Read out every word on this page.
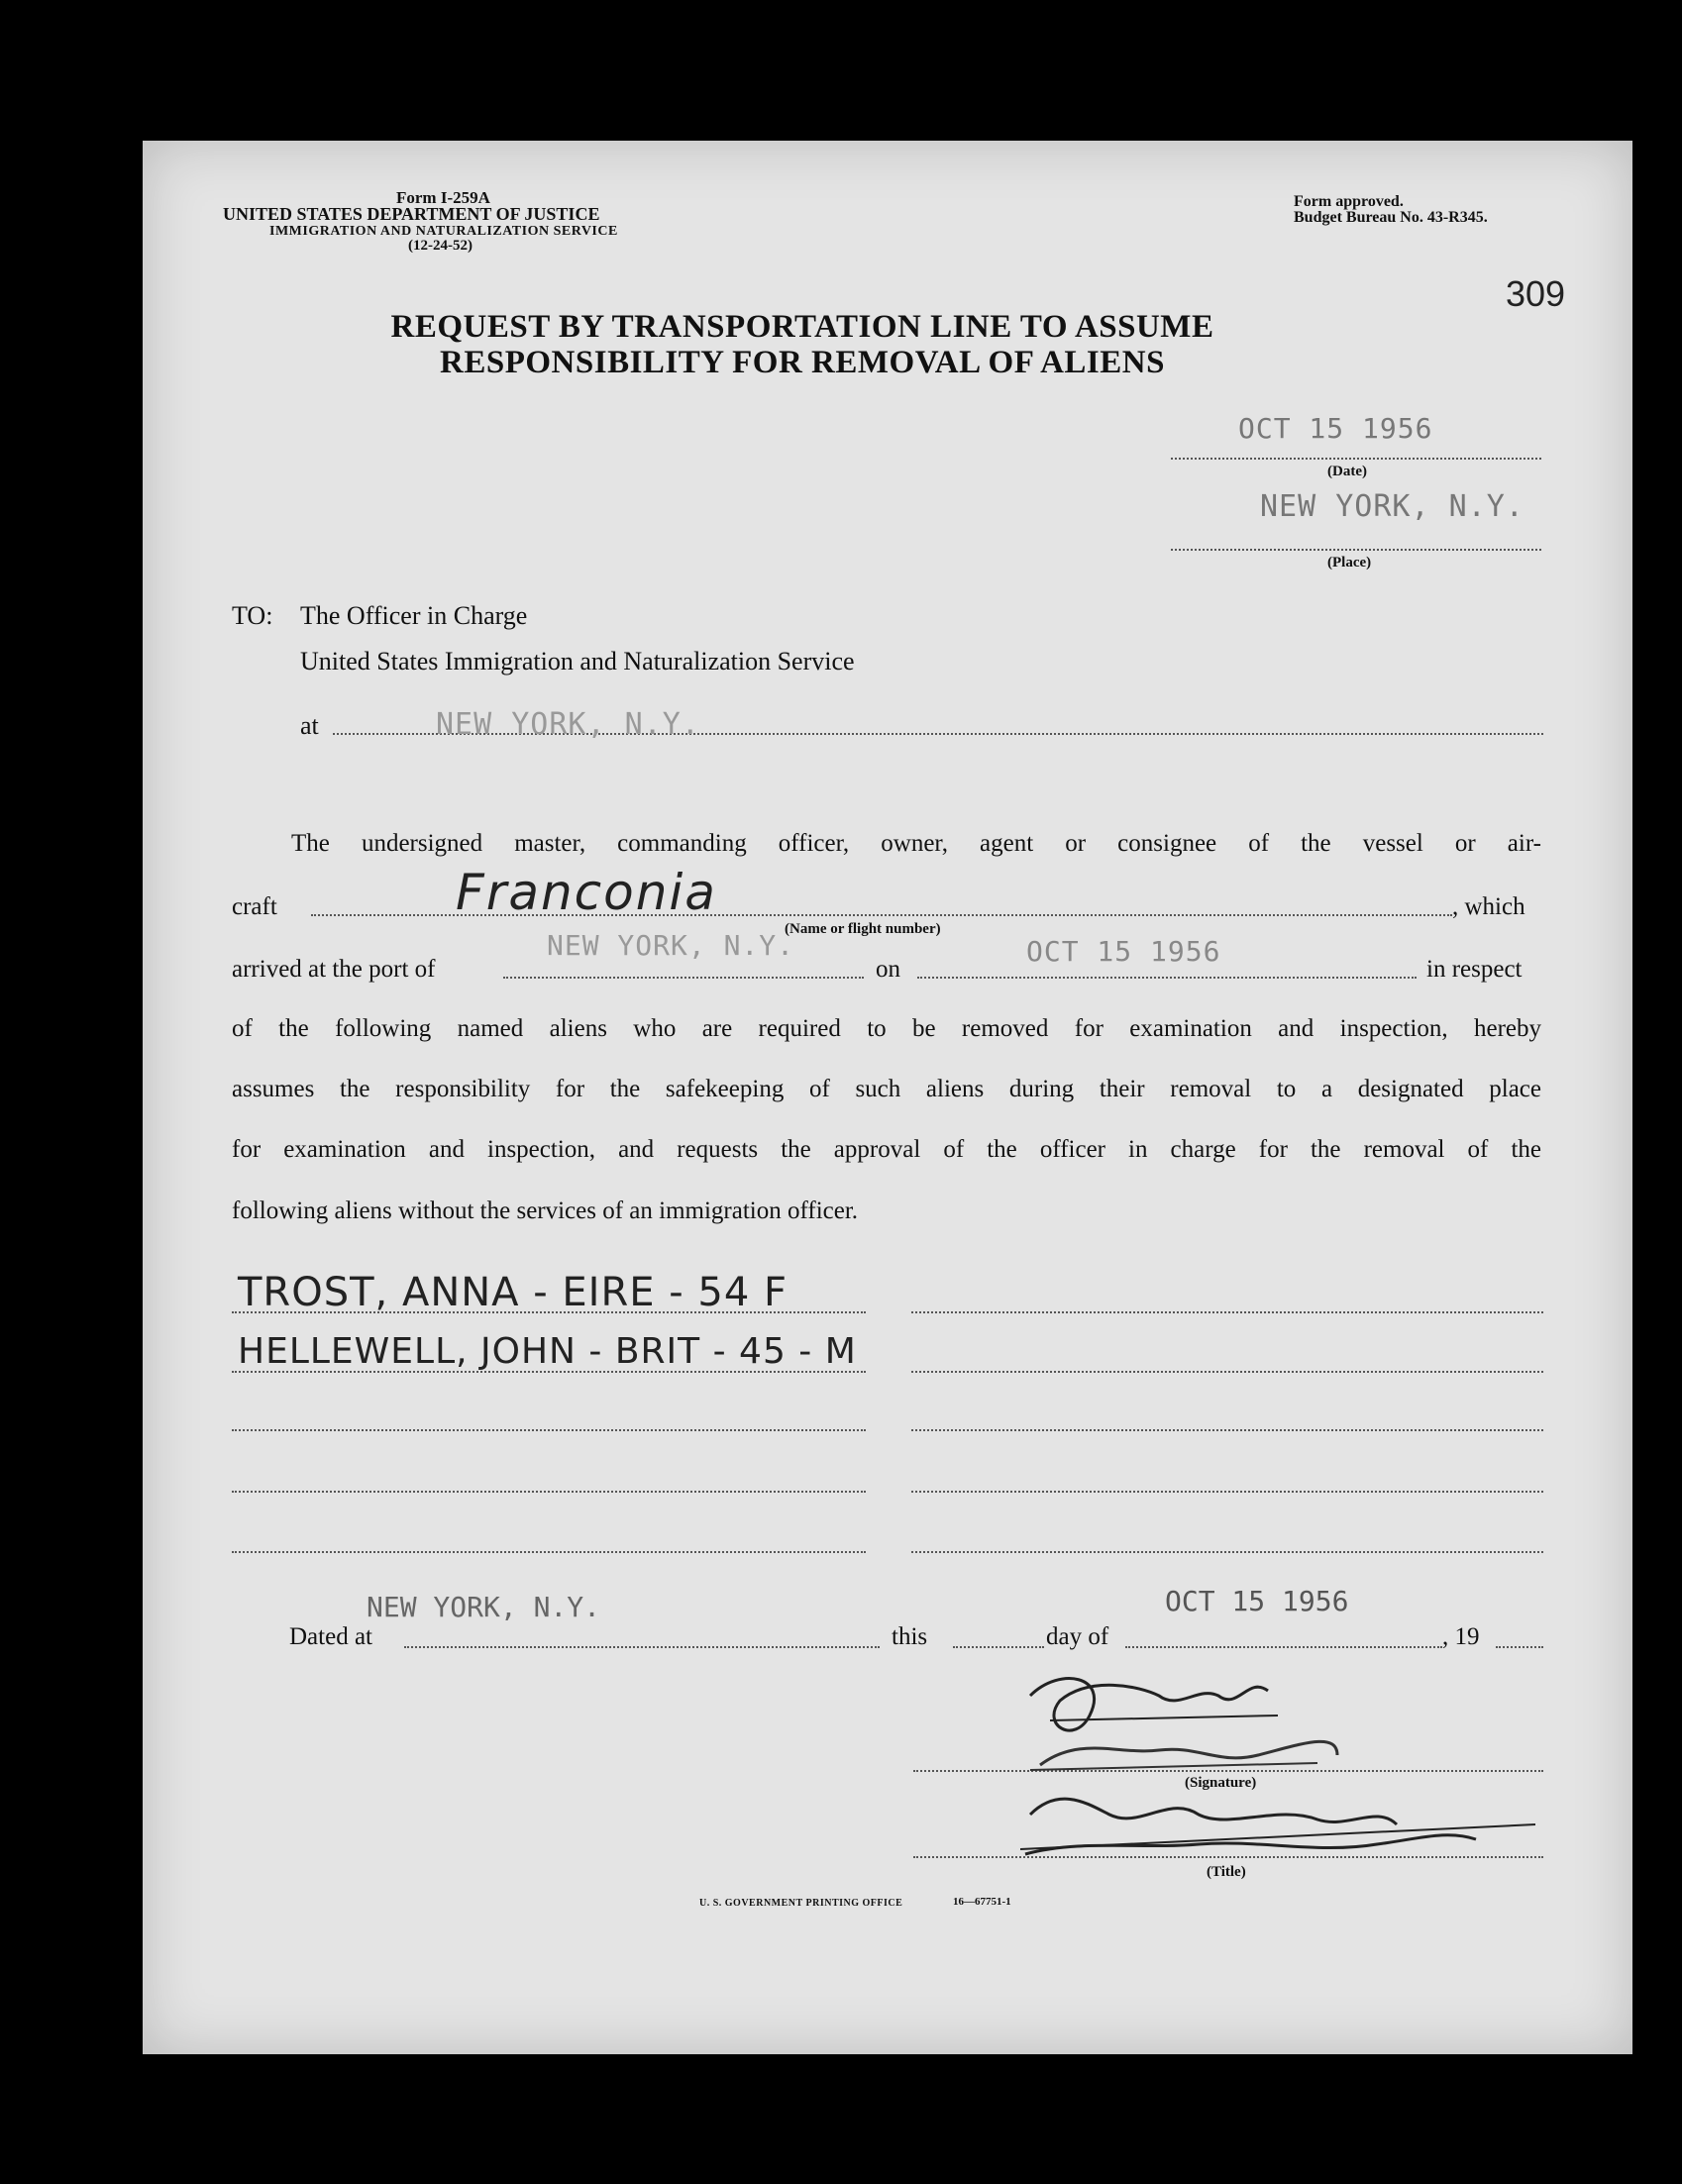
Form I-259A
UNITED STATES DEPARTMENT OF JUSTICE
IMMIGRATION AND NATURALIZATION SERVICE
(12-24-52)
Form approved.
Budget Bureau No. 43-R345.
309
REQUEST BY TRANSPORTATION LINE TO ASSUME
RESPONSIBILITY FOR REMOVAL OF ALIENS
OCT 15 1956
(Date)
NEW YORK, N.Y.
(Place)
TO: The Officer in Charge
United States Immigration and Naturalization Service
at	NEW YORK, N.Y.
The undersigned master, commanding officer, owner, agent or consignee of the vessel or air-
craft	Franconia
(Name or flight number)
, which
arrived at the port of
NEW YORK, N.Y.
on
OCT 15 1956
in respect
of the following named aliens who are required to be removed for examination and inspection, hereby
assumes the responsibility for the safekeeping of such aliens during their removal to a designated place
for examination and inspection, and requests the approval of the officer in charge for the removal of the
following aliens without the services of an immigration officer.
TROST, ANNA - EIRE - 54 F
HELLEWELL, JOHN - BRIT - 45 - M
NEW YORK, N.Y.
Dated at	this	day of
OCT 15 1956
, 19
(Signature)
(Title)
U. S. GOVERNMENT PRINTING OFFICE	16—67751-1
